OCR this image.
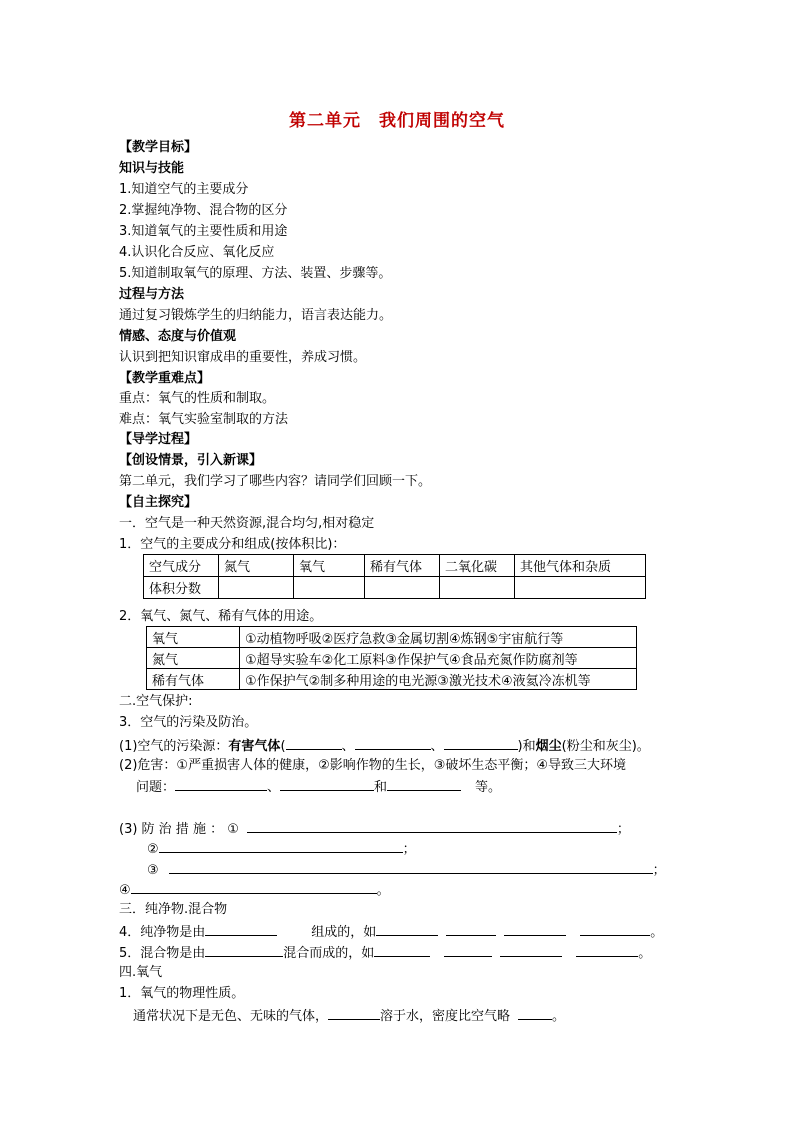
第二单元　我们周围的空气
【教学目标】
知识与技能
1.知道空气的主要成分
2.掌握纯净物、混合物的区分
3.知道氧气的主要性质和用途
4.认识化合反应、氧化反应
5.知道制取氧气的原理、方法、装置、步骤等。
过程与方法
通过复习锻炼学生的归纳能力，语言表达能力。
情感、态度与价值观
认识到把知识窜成串的重要性，养成习惯。
【教学重难点】
重点：氧气的性质和制取。
难点：氧气实验室制取的方法
【导学过程】
【创设情景，引入新课】
第二单元，我们学习了哪些内容？请同学们回顾一下。
【自主探究】
一．空气是一种天然资源,混合均匀,相对稳定
1．空气的主要成分和组成(按体积比)：
空气成分	氮气	氧气	稀有气体	二氧化碳	其他气体和杂质
体积分数					
2．氧气、氮气、稀有气体的用途。
氧气	①动植物呼吸②医疗急救③金属切割④炼钢⑤宇宙航行等
氮气	①超导实验车②化工原料③作保护气④食品充氮作防腐剂等
稀有气体	①作保护气②制多种用途的电光源③激光技术④液氦冷冻机等
二.空气保护:
3．空气的污染及防治。
(1)空气的污染源：有害气体(	、	、	)和烟尘(粉尘和灰尘)。
(2)危害：①严重损害人体的健康，②影响作物的生长，③破坏生态平衡；④导致三大环境
问题：	、	和	等。
(3) 防 治 措 施 ： ①	；
②	；
③	；
④	。
三．纯净物.混合物
4．纯净物是由	组成的，如	。
5．混合物是由	混合而成的，如	。
四.氧气
1．氧气的物理性质。
通常状况下是无色、无味的气体，	溶于水，密度比空气略	。
